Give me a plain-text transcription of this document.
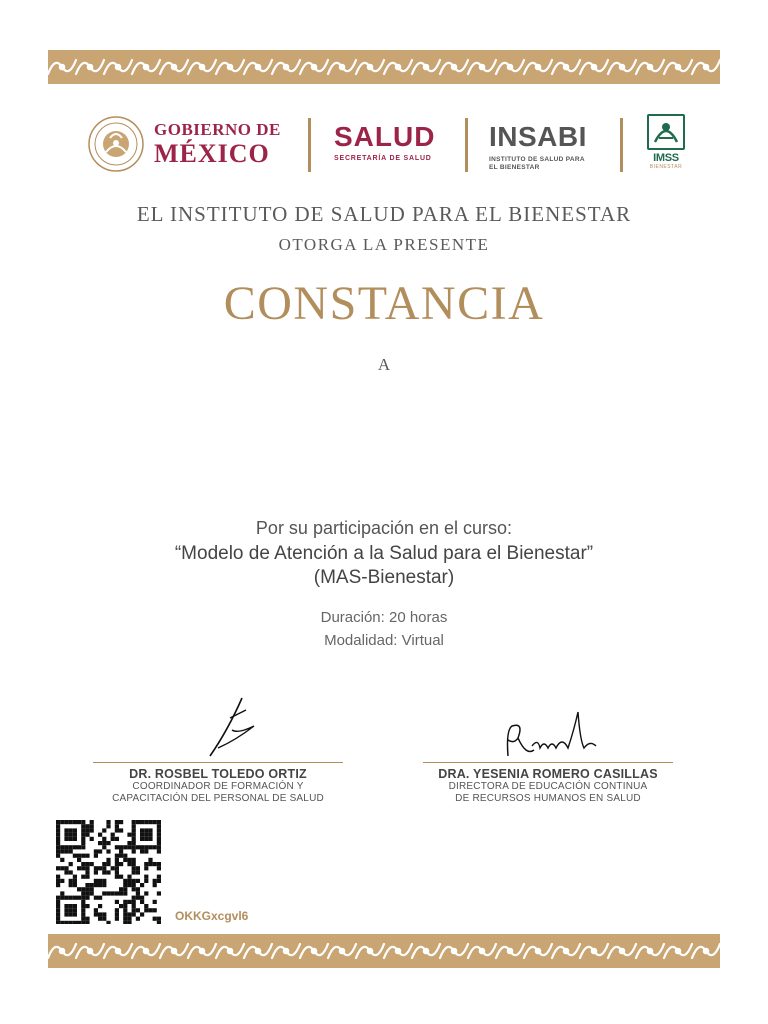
GOBIERNO DE
MÉXICO
SALUD
SECRETARÍA DE SALUD
INSABI
INSTITUTO DE SALUD PARA EL BIENESTAR
IMSS
BIENESTAR
EL INSTITUTO DE SALUD PARA EL BIENESTAR
OTORGA LA PRESENTE
CONSTANCIA
A
Por su participación en el curso:
“Modelo de Atención a la Salud para el Bienestar”
(MAS-Bienestar)
Duración: 20 horas
Modalidad: Virtual
DR. ROSBEL TOLEDO ORTIZ
COORDINADOR DE FORMACIÓN Y
CAPACITACIÓN DEL PERSONAL DE SALUD
DRA. YESENIA ROMERO CASILLAS
DIRECTORA DE EDUCACIÓN CONTINUA
DE RECURSOS HUMANOS EN SALUD
OKKGxcgvl6
